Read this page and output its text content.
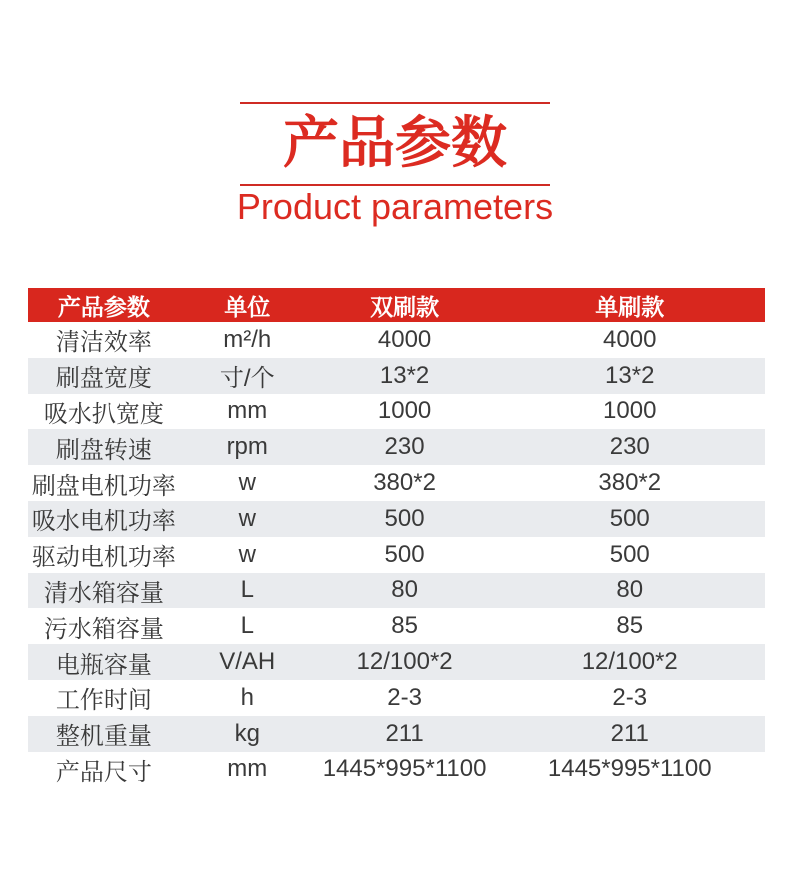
产品参数
Product parameters
产品参数	单位	双刷款	单刷款
清洁效率	m²/h	4000	4000
刷盘宽度	寸/个	13*2	13*2
吸水扒宽度	mm	1000	1000
刷盘转速	rpm	230	230
刷盘电机功率	w	380*2	380*2
吸水电机功率	w	500	500
驱动电机功率	w	500	500
清水箱容量	L	80	80
污水箱容量	L	85	85
电瓶容量	V/AH	12/100*2	12/100*2
工作时间	h	2-3	2-3
整机重量	kg	211	211
产品尺寸	mm	1445*995*1100	1445*995*1100
